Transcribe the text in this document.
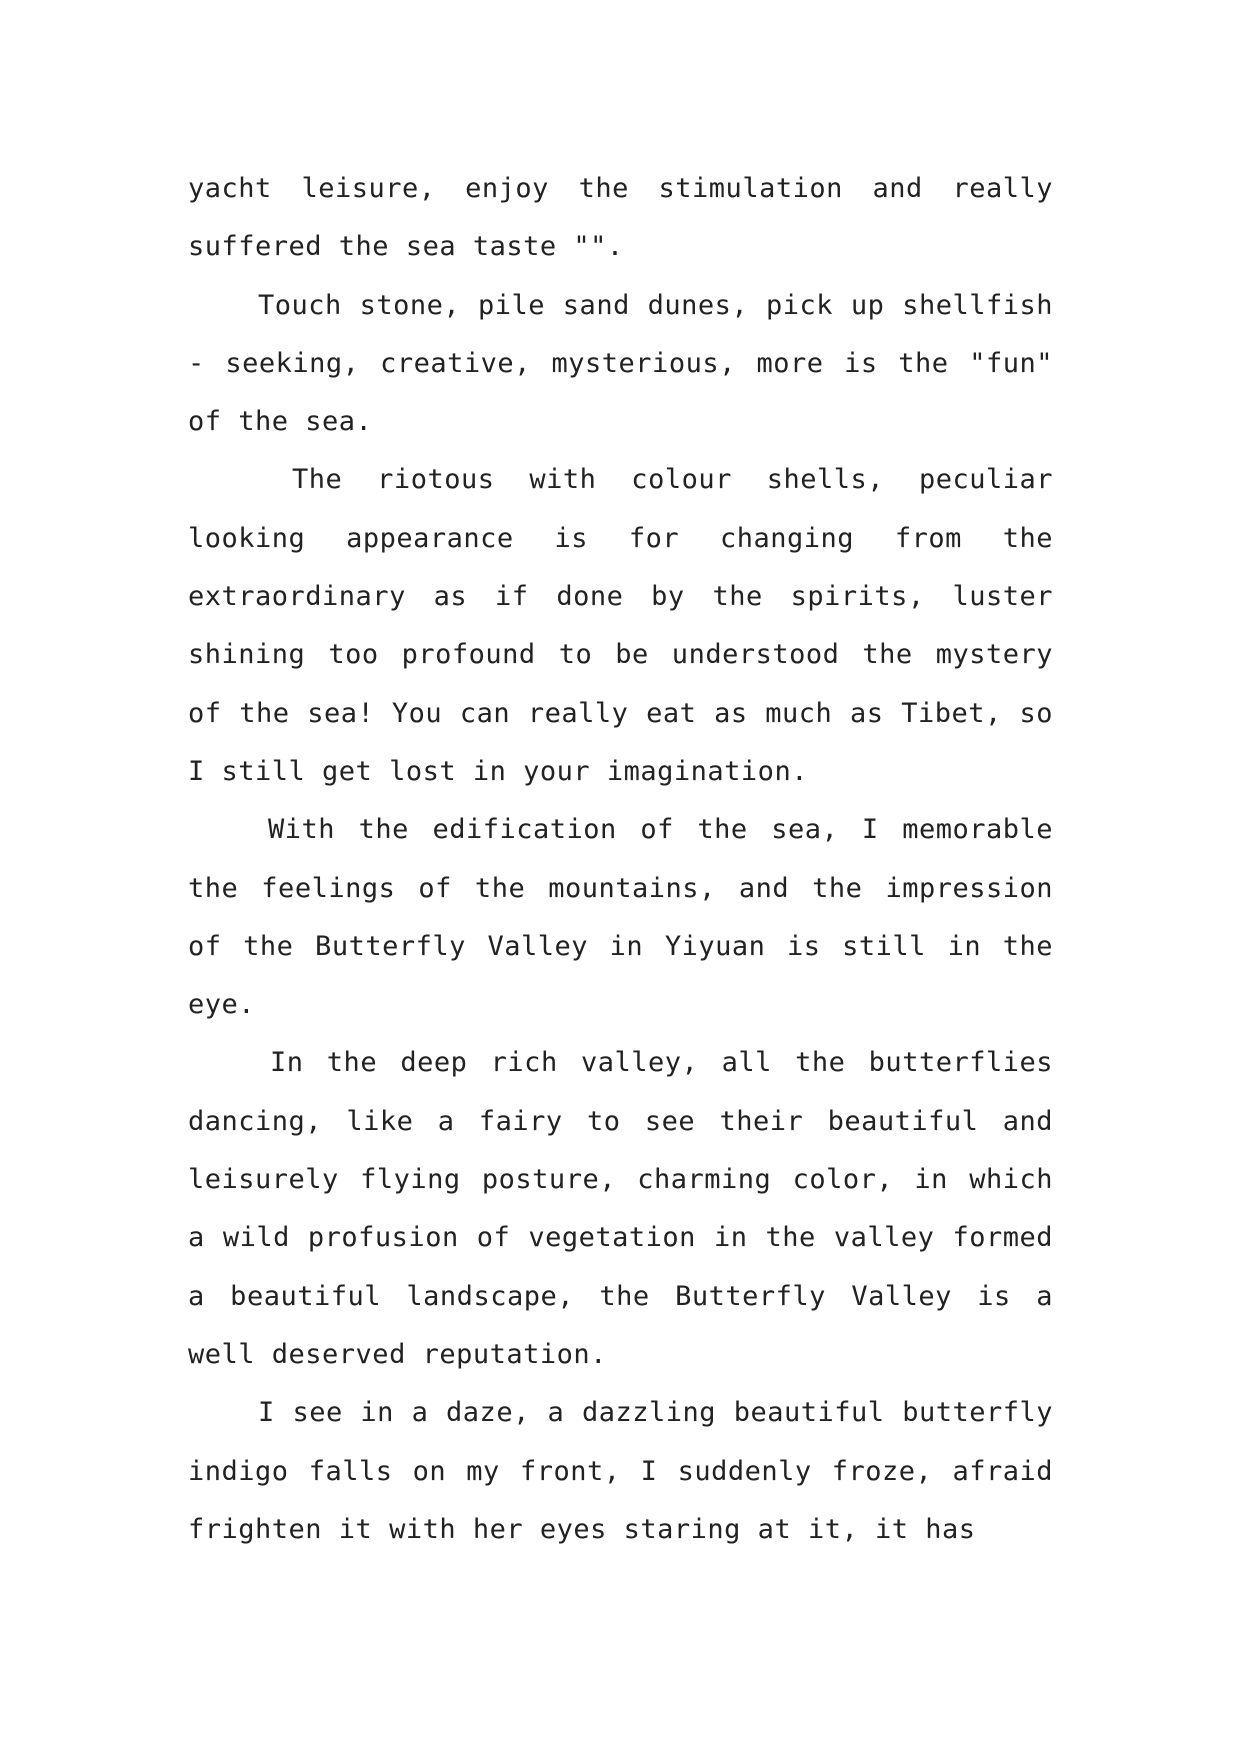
yacht leisure, enjoy the stimulation and really suffered the sea taste "".

Touch stone, pile sand dunes, pick up shellfish - seeking, creative, mysterious, more is the "fun" of the sea.

The riotous with colour shells, peculiar looking appearance is for changing from the extraordinary as if done by the spirits, luster shining too profound to be understood the mystery of the sea! You can really eat as much as Tibet, so I still get lost in your imagination.

With the edification of the sea, I memorable the feelings of the mountains, and the impression of the Butterfly Valley in Yiyuan is still in the eye.

In the deep rich valley, all the butterflies dancing, like a fairy to see their beautiful and leisurely flying posture, charming color, in which a wild profusion of vegetation in the valley formed a beautiful landscape, the Butterfly Valley is a well deserved reputation.

I see in a daze, a dazzling beautiful butterfly indigo falls on my front, I suddenly froze, afraid frighten it with her eyes staring at it, it has
